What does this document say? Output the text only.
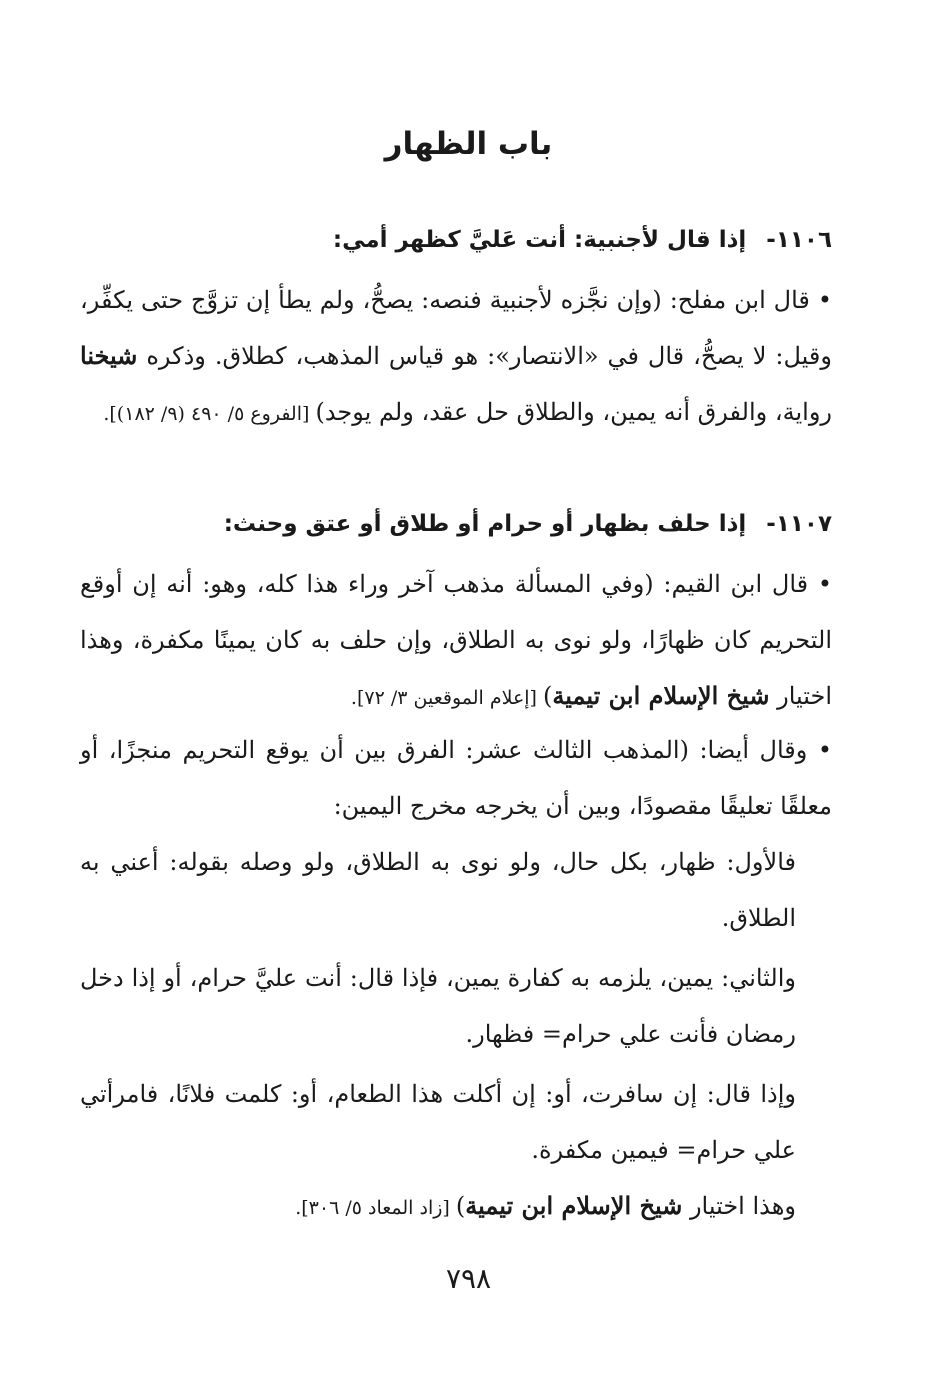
باب الظهار
١١٠٦-إذا قال لأجنبية: أنت عَليَّ كظهر أمي:
• قال ابن مفلح: (وإن نجَّزه لأجنبية فنصه: يصحُّ، ولم يطأ إن تزوَّج حتى يكفِّر، وقيل: لا يصحُّ، قال في «الانتصار»: هو قياس المذهب، كطلاق. وذكره شيخنا رواية، والفرق أنه يمين، والطلاق حل عقد، ولم يوجد) [الفروع ٥/ ٤٩٠ (٩/ ١٨٢)].
١١٠٧-إذا حلف بظهار أو حرام أو طلاق أو عتق وحنث:
• قال ابن القيم: (وفي المسألة مذهب آخر وراء هذا كله، وهو: أنه إن أوقع التحريم كان ظهارًا، ولو نوى به الطلاق، وإن حلف به كان يمينًا مكفرة، وهذا اختيار شيخ الإسلام ابن تيمية) [إعلام الموقعين ٣/ ٧٢].
• وقال أيضا: (المذهب الثالث عشر: الفرق بين أن يوقع التحريم منجزًا، أو معلقًا تعليقًا مقصودًا، وبين أن يخرجه مخرج اليمين:
فالأول: ظهار، بكل حال، ولو نوى به الطلاق، ولو وصله بقوله: أعني به الطلاق.
والثاني: يمين، يلزمه به كفارة يمين، فإذا قال: أنت عليَّ حرام، أو إذا دخل رمضان فأنت علي حرام= فظهار.
وإذا قال: إن سافرت، أو: إن أكلت هذا الطعام، أو: كلمت فلانًا، فامرأتي علي حرام= فيمين مكفرة.
وهذا اختيار شيخ الإسلام ابن تيمية) [زاد المعاد ٥/ ٣٠٦].
٧٩٨
